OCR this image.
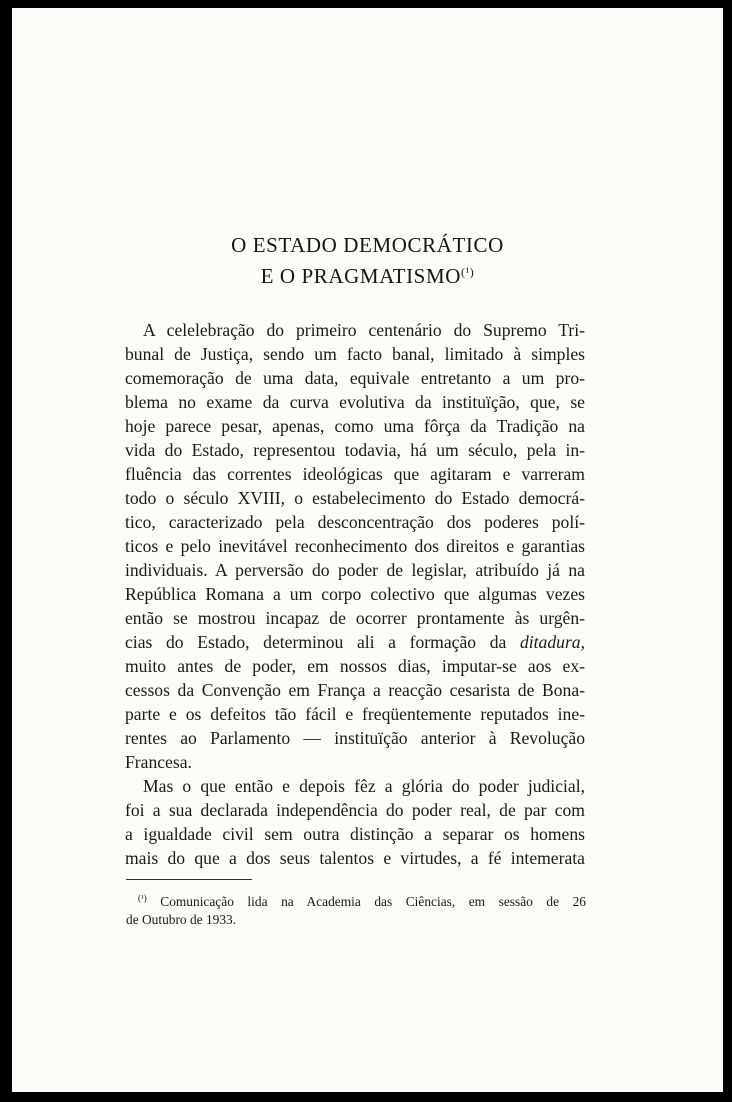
O ESTADO DEMOCRÁTICO
E O $PRAGMATISMO^{(^1)}$
A celelebração do primeiro centenário do Supremo Tri-
bunal de Justiça, sendo um facto banal, limitado à simples
comemoração de uma data, equivale entretanto a um pro-
blema no exame da curva evolutiva da instituïção, que, se
hoje parece pesar, apenas, como uma fôrça da Tradição na
vida do Estado, representou todavia, há um século, pela in-
fluência das correntes ideológicas que agitaram e varreram
todo o século XVIII, o estabelecimento do Estado democrá-
tico, caracterizado pela desconcentração dos poderes polí-
ticos e pelo inevitável reconhecimento dos direitos e garantias
individuais. A perversão do poder de legislar, atribuído já na
República Romana a um corpo colectivo que algumas vezes
então se mostrou incapaz de ocorrer prontamente às urgên-
cias do Estado, determinou ali a formação da ditadura,
muito antes de poder, em nossos dias, imputar-se aos ex-
cessos da Convenção em França a reacção cesarista de Bona-
parte e os defeitos tão fácil e freqüentemente reputados ine-
rentes ao Parlamento — instituïção anterior à Revolução
Francesa.
Mas o que então e depois fêz a glória do poder judicial,
foi a sua declarada independência do poder real, de par com
a igualdade civil sem outra distinção a separar os homens
mais do que a dos seus talentos e virtudes, a fé intemerata
$^{(^1)}$ Comunicação lida na Academia das Ciências, em sessão de 26
de Outubro de 1933.
